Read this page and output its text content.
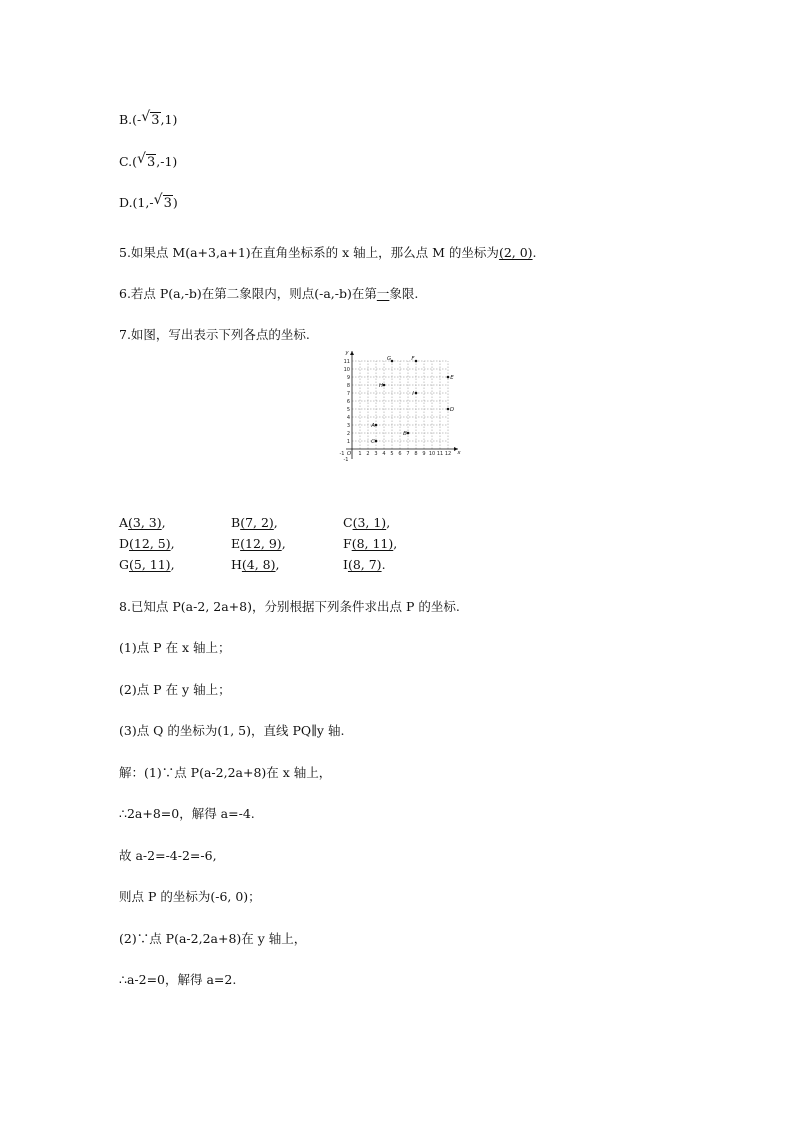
B.(- √ 3,1)
C.( √ 3,-1)
D.(1,- √ 3)
5.如果点 M(a+3,a+1)在直角坐标系的 x 轴上，那么点 M 的坐标为(2, 0).
6.若点 P(a,-b)在第二象限内，则点(-a,-b)在第一象限.
7.如图，写出表示下列各点的坐标.
x
y
O
-1
-1
1 2 3 4 5 6 7 8 9 10 11 12
1
2
3
4
5
6
7
8
9
10
11
A
B
C
D
E
F
G
H
I
A(3, 3),	B(7, 2),	C(3, 1),
D(12, 5),	E(12, 9),	F(8, 11),
G(5, 11),	H(4, 8),	I(8, 7).
8.已知点 P(a-2, 2a+8)，分别根据下列条件求出点 P 的坐标.
(1)点 P 在 x 轴上；
(2)点 P 在 y 轴上；
(3)点 Q 的坐标为(1, 5)，直线 PQ∥y 轴.
解：(1)∵点 P(a-2,2a+8)在 x 轴上，
∴2a+8=0，解得 a=-4.
故 a-2=-4-2=-6,
则点 P 的坐标为(-6, 0)；
(2)∵点 P(a-2,2a+8)在 y 轴上，
∴a-2=0，解得 a=2.
